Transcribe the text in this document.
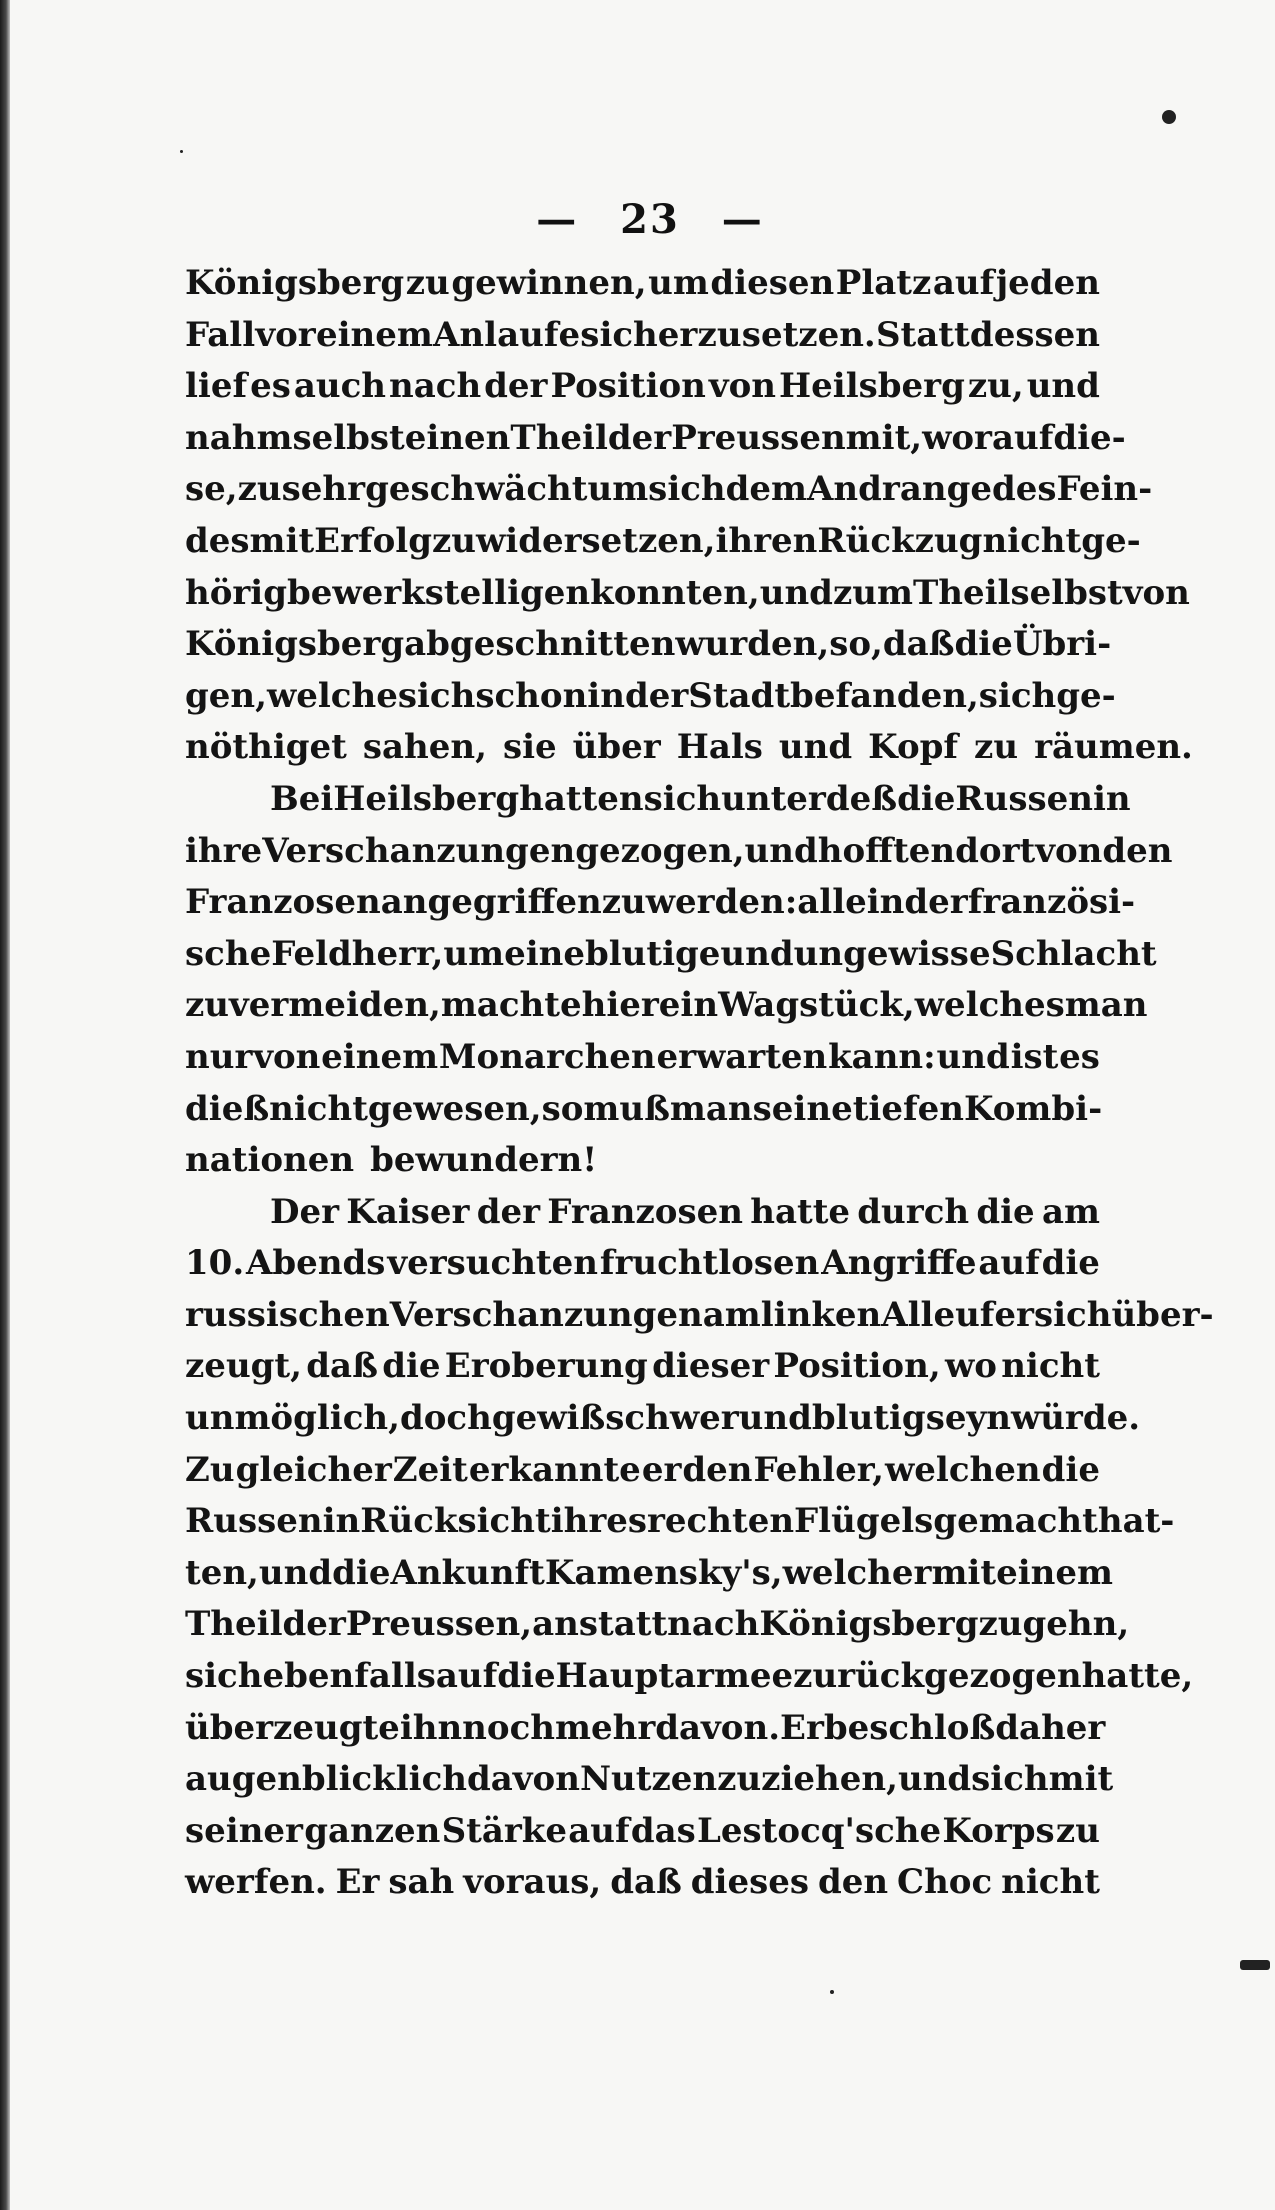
— 23 —
Königsberg zu gewinnen, um diesen Platz auf jeden
Fall vor einem Anlaufe sicher zu setzen. Statt dessen
lief es auch nach der Position von Heilsberg zu, und
nahm selbst einen Theil der Preussen mit, worauf die-
se, zu sehr geschwächt um sich dem Andrange des Fein-
des mit Erfolg zu widersetzen, ihren Rückzug nicht ge-
hörig bewerkstellig en konnten, und zum Theil selbst von
Königsberg abge schnitten wurden, so, daß die Übri-
gen, welche sich schon in der Stadt befanden, sich ge-
nöthiget sahen, sie über Hals und Kopf zu räumen.
Bei Heilsberg hatten sich unterdeß die Russen in
ihre Verschanzungen gezogen, und hofften dort von den
Franzosen angegriffen zu werden: allein der französi-
sche Feldherr, um eine blutige und ungewisse Schlacht
zu vermeiden, machte hier ein Wagstück, welches man
nur von einem Monarchen erwarten kann: und ist es
dieß nicht gewesen, so muß man seine tiefen Kombi-
nationen bewundern!
Der Kaiser der Franzosen hatte durch die am
10. Abends versuchten fruchtlosen Angriffe auf die
russischen Verschanzungen am linken Alleufer sich über-
zeugt, daß die Eroberung dieser Position, wo nicht
unmöglich, doch gewiß schwer und blutig seyn würde.
Zu gleicher Zeit erkannte er den Fehler, welchen die
Russen in Rücksicht ihres rechten Flügels gemacht hat-
ten, und die Ankunft Kamensky's, welcher mit einem
Theil der Preussen, anstatt nach Königsberg zu gehn,
sich ebenfalls auf die Hauptarmee zurückgezogen hatte,
überzeugte ihn noch mehr davon. Er beschloß daher
augenblicklich davon Nutzen zu ziehen, und sich mit
seiner ganzen Stärke auf das Lestocq'sche Korps zu
werfen. Er sah voraus, daß dieses den Choc nicht
